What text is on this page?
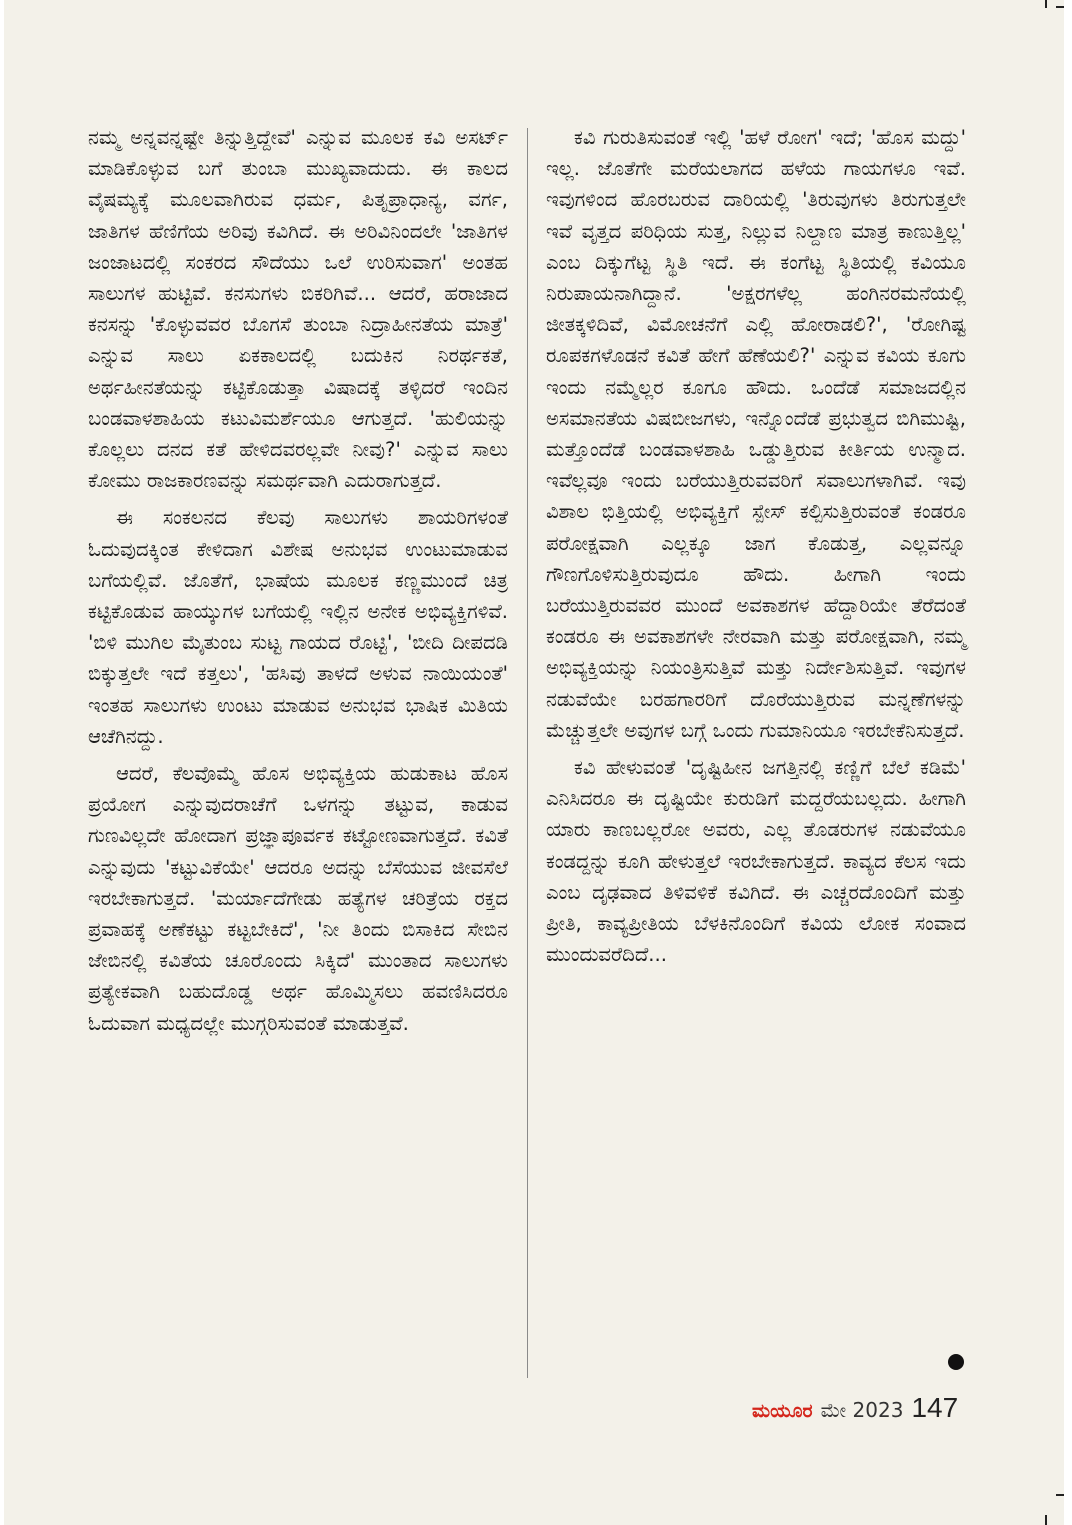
ನಮ್ಮ ಅನ್ನವನ್ನಷ್ಟೇ ತಿನ್ನುತ್ತಿದ್ದೇವೆ' ಎನ್ನುವ ಮೂಲಕ ಕವಿ ಅಸರ್ಟ್ ಮಾಡಿಕೊಳ್ಳುವ ಬಗೆ ತುಂಬಾ ಮುಖ್ಯವಾದುದು. ಈ ಕಾಲದ ವೈಷಮ್ಯಕ್ಕೆ ಮೂಲವಾಗಿರುವ ಧರ್ಮ, ಪಿತೃಪ್ರಾಧಾನ್ಯ, ವರ್ಗ, ಜಾತಿಗಳ ಹೆಣಿಗೆಯ ಅರಿವು ಕವಿಗಿದೆ. ಈ ಅರಿವಿನಿಂದಲೇ 'ಜಾತಿಗಳ ಜಂಜಾಟದಲ್ಲಿ ಸಂಕರದ ಸೌದೆಯು ಒಲೆ ಉರಿಸುವಾಗ' ಅಂತಹ ಸಾಲುಗಳ ಹುಟ್ಟಿವೆ. ಕನಸುಗಳು ಬಿಕರಿಗಿವೆ... ಆದರೆ, ಹರಾಜಾದ ಕನಸನ್ನು 'ಕೊಳ್ಳುವವರ ಬೊಗಸೆ ತುಂಬಾ ನಿದ್ರಾಹೀನತೆಯ ಮಾತ್ರೆ' ಎನ್ನುವ ಸಾಲು ಏಕಕಾಲದಲ್ಲಿ ಬದುಕಿನ ನಿರರ್ಥಕತೆ, ಅರ್ಥಹೀನತೆಯನ್ನು ಕಟ್ಟಿಕೊಡುತ್ತಾ ವಿಷಾದಕ್ಕೆ ತಳ್ಳಿದರೆ ಇಂದಿನ ಬಂಡವಾಳಶಾಹಿಯ ಕಟುವಿಮರ್ಶೆಯೂ ಆಗುತ್ತದೆ. 'ಹುಲಿಯನ್ನು ಕೊಲ್ಲಲು ದನದ ಕತೆ ಹೇಳಿದವರಲ್ಲವೇ ನೀವು?' ಎನ್ನುವ ಸಾಲು ಕೋಮು ರಾಜಕಾರಣವನ್ನು ಸಮರ್ಥವಾಗಿ ಎದುರಾಗುತ್ತದೆ.

ಈ ಸಂಕಲನದ ಕೆಲವು ಸಾಲುಗಳು ಶಾಯರಿಗಳಂತೆ ಓದುವುದಕ್ಕಿಂತ ಕೇಳಿದಾಗ ವಿಶೇಷ ಅನುಭವ ಉಂಟುಮಾಡುವ ಬಗೆಯಲ್ಲಿವೆ. ಜೊತೆಗೆ, ಭಾಷೆಯ ಮೂಲಕ ಕಣ್ಣಮುಂದೆ ಚಿತ್ರ ಕಟ್ಟಿಕೊಡುವ ಹಾಯ್ಕುಗಳ ಬಗೆಯಲ್ಲಿ ಇಲ್ಲಿನ ಅನೇಕ ಅಭಿವ್ಯಕ್ತಿಗಳಿವೆ. 'ಬಿಳಿ ಮುಗಿಲ ಮೈತುಂಬ ಸುಟ್ಟ ಗಾಯದ ರೊಟ್ಟಿ', 'ಬೀದಿ ದೀಪದಡಿ ಬಿಕ್ಕುತ್ತಲೇ ಇದೆ ಕತ್ತಲು', 'ಹಸಿವು ತಾಳದೆ ಅಳುವ ನಾಯಿಯಂತೆ' ಇಂತಹ ಸಾಲುಗಳು ಉಂಟು ಮಾಡುವ ಅನುಭವ ಭಾಷಿಕ ಮಿತಿಯ ಆಚೆಗಿನದ್ದು.

ಆದರೆ, ಕೆಲವೊಮ್ಮೆ ಹೊಸ ಅಭಿವ್ಯಕ್ತಿಯ ಹುಡುಕಾಟ ಹೊಸ ಪ್ರಯೋಗ ಎನ್ನುವುದರಾಚೆಗೆ ಒಳಗನ್ನು ತಟ್ಟುವ, ಕಾಡುವ ಗುಣವಿಲ್ಲದೇ ಹೋದಾಗ ಪ್ರಜ್ಞಾಪೂರ್ವಕ ಕಟ್ಟೋಣವಾಗುತ್ತದೆ. ಕವಿತೆ ಎನ್ನುವುದು 'ಕಟ್ಟುವಿಕೆಯೇ' ಆದರೂ ಅದನ್ನು ಬೆಸೆಯುವ ಜೀವಸೆಲೆ ಇರಬೇಕಾಗುತ್ತದೆ. 'ಮರ್ಯಾದೆಗೇಡು ಹತ್ಯೆಗಳ ಚರಿತ್ರೆಯ ರಕ್ತದ ಪ್ರವಾಹಕ್ಕೆ ಅಣೆಕಟ್ಟು ಕಟ್ಟಬೇಕಿದೆ', 'ನೀ ತಿಂದು ಬಿಸಾಕಿದ ಸೇಬಿನ ಜೇಬಿನಲ್ಲಿ ಕವಿತೆಯ ಚೂರೊಂದು ಸಿಕ್ಕಿದೆ' ಮುಂತಾದ ಸಾಲುಗಳು ಪ್ರತ್ಯೇಕವಾಗಿ ಬಹುದೊಡ್ಡ ಅರ್ಥ ಹೊಮ್ಮಿಸಲು ಹವಣಿಸಿದರೂ ಓದುವಾಗ ಮಧ್ಯದಲ್ಲೇ ಮುಗ್ಗರಿಸುವಂತೆ ಮಾಡುತ್ತವೆ.

ಕವಿ ಗುರುತಿಸುವಂತೆ ಇಲ್ಲಿ 'ಹಳೆ ರೋಗ' ಇದೆ; 'ಹೊಸ ಮದ್ದು' ಇಲ್ಲ. ಜೊತೆಗೇ ಮರೆಯಲಾಗದ ಹಳೆಯ ಗಾಯಗಳೂ ಇವೆ. ಇವುಗಳಿಂದ ಹೊರಬರುವ ದಾರಿಯಲ್ಲಿ 'ತಿರುವುಗಳು ತಿರುಗುತ್ತಲೇ ಇವೆ ವೃತ್ತದ ಪರಿಧಿಯ ಸುತ್ತ, ನಿಲ್ಲುವ ನಿಲ್ದಾಣ ಮಾತ್ರ ಕಾಣುತ್ತಿಲ್ಲ' ಎಂಬ ದಿಕ್ಕುಗೆಟ್ಟ ಸ್ಥಿತಿ ಇದೆ. ಈ ಕಂಗೆಟ್ಟ ಸ್ಥಿತಿಯಲ್ಲಿ ಕವಿಯೂ ನಿರುಪಾಯನಾಗಿದ್ದಾನೆ. 'ಅಕ್ಷರಗಳೆಲ್ಲ ಹಂಗಿನರಮನೆಯಲ್ಲಿ ಜೀತಕ್ಕಳಿದಿವೆ, ವಿಮೋಚನೆಗೆ ಎಲ್ಲಿ ಹೋರಾಡಲಿ?', 'ರೋಗಿಷ್ಟ ರೂಪಕಗಳೊಡನೆ ಕವಿತೆ ಹೇಗೆ ಹೆಣೆಯಲಿ?' ಎನ್ನುವ ಕವಿಯ ಕೂಗು ಇಂದು ನಮ್ಮೆಲ್ಲರ ಕೂಗೂ ಹೌದು. ಒಂದೆಡೆ ಸಮಾಜದಲ್ಲಿನ ಅಸಮಾನತೆಯ ವಿಷಬೀಜಗಳು, ಇನ್ನೊಂದೆಡೆ ಪ್ರಭುತ್ವದ ಬಿಗಿಮುಷ್ಟಿ, ಮತ್ತೊಂದೆಡೆ ಬಂಡವಾಳಶಾಹಿ ಒಡ್ಡುತ್ತಿರುವ ಕೀರ್ತಿಯ ಉನ್ಮಾದ. ಇವೆಲ್ಲವೂ ಇಂದು ಬರೆಯುತ್ತಿರುವವರಿಗೆ ಸವಾಲುಗಳಾಗಿವೆ. ಇವು ವಿಶಾಲ ಭಿತ್ತಿಯಲ್ಲಿ ಅಭಿವ್ಯಕ್ತಿಗೆ ಸ್ಪೇಸ್ ಕಲ್ಪಿಸುತ್ತಿರುವಂತೆ ಕಂಡರೂ ಪರೋಕ್ಷವಾಗಿ ಎಲ್ಲಕ್ಕೂ ಜಾಗ ಕೊಡುತ್ತ, ಎಲ್ಲವನ್ನೂ ಗೌಣಗೊಳಿಸುತ್ತಿರುವುದೂ ಹೌದು. ಹೀಗಾಗಿ ಇಂದು ಬರೆಯುತ್ತಿರುವವರ ಮುಂದೆ ಅವಕಾಶಗಳ ಹೆದ್ದಾರಿಯೇ ತೆರೆದಂತೆ ಕಂಡರೂ ಈ ಅವಕಾಶಗಳೇ ನೇರವಾಗಿ ಮತ್ತು ಪರೋಕ್ಷವಾಗಿ, ನಮ್ಮ ಅಭಿವ್ಯಕ್ತಿಯನ್ನು ನಿಯಂತ್ರಿಸುತ್ತಿವೆ ಮತ್ತು ನಿರ್ದೇಶಿಸುತ್ತಿವೆ. ಇವುಗಳ ನಡುವೆಯೇ ಬರಹಗಾರರಿಗೆ ದೊರೆಯುತ್ತಿರುವ ಮನ್ನಣೆಗಳನ್ನು ಮೆಚ್ಚುತ್ತಲೇ ಅವುಗಳ ಬಗ್ಗೆ ಒಂದು ಗುಮಾನಿಯೂ ಇರಬೇಕೆನಿಸುತ್ತದೆ.

ಕವಿ ಹೇಳುವಂತೆ 'ದೃಷ್ಟಿಹೀನ ಜಗತ್ತಿನಲ್ಲಿ ಕಣ್ಣಿಗೆ ಬೆಲೆ ಕಡಿಮೆ' ಎನಿಸಿದರೂ ಈ ದೃಷ್ಟಿಯೇ ಕುರುಡಿಗೆ ಮದ್ದರೆಯಬಲ್ಲದು. ಹೀಗಾಗಿ ಯಾರು ಕಾಣಬಲ್ಲರೋ ಅವರು, ಎಲ್ಲ ತೊಡರುಗಳ ನಡುವೆಯೂ ಕಂಡದ್ದನ್ನು ಕೂಗಿ ಹೇಳುತ್ತಲೆ ಇರಬೇಕಾಗುತ್ತದೆ. ಕಾವ್ಯದ ಕೆಲಸ ಇದು ಎಂಬ ದೃಢವಾದ ತಿಳಿವಳಿಕೆ ಕವಿಗಿದೆ. ಈ ಎಚ್ಚರದೊಂದಿಗೆ ಮತ್ತು ಪ್ರೀತಿ, ಕಾವ್ಯಪ್ರೀತಿಯ ಬೆಳಕಿನೊಂದಿಗೆ ಕವಿಯ ಲೋಕ ಸಂವಾದ ಮುಂದುವರೆದಿದೆ...

ಮಯೂರ ಮೇ 2023 147
